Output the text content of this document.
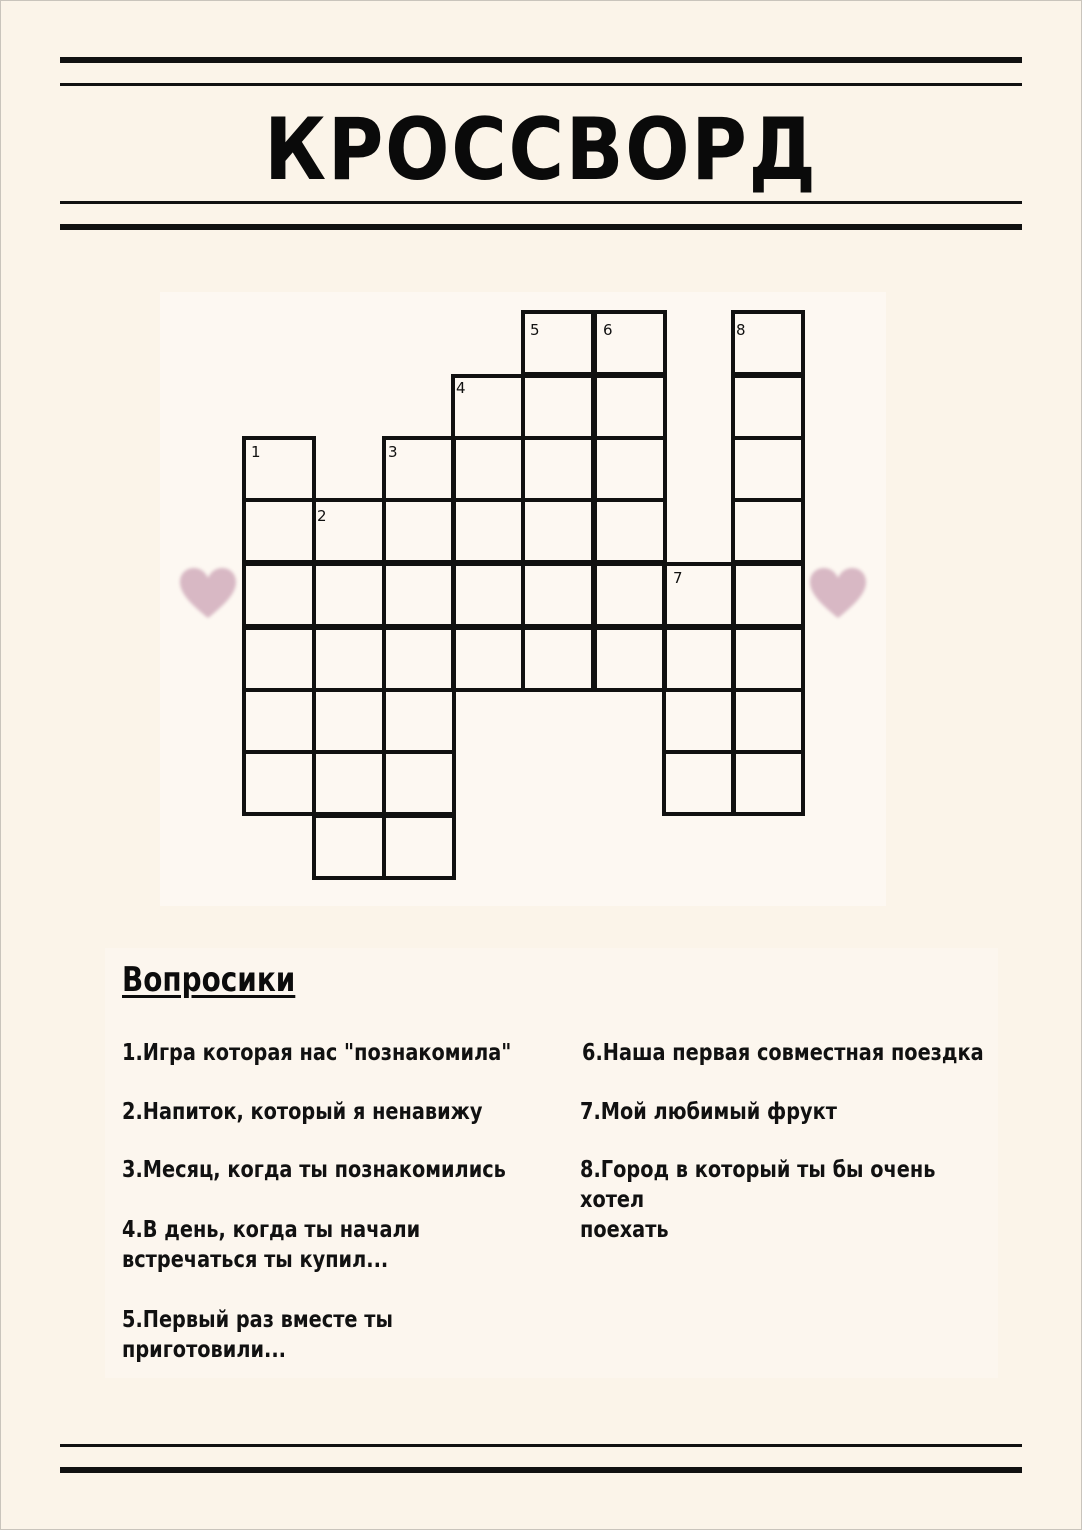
КРОССВОРД
1
2
3
4
5	6
7
8
Вопросики
1.Игра которая нас "познакомила"
2.Напиток, который я ненавижу
3.Месяц, когда ты познакомились
4.В день, когда ты начали
встречаться ты купил...
5.Первый раз вместе ты
приготовили...
6.Наша первая совместная поездка
7.Мой любимый фрукт
8.Город в который ты бы очень хотел
поехать
